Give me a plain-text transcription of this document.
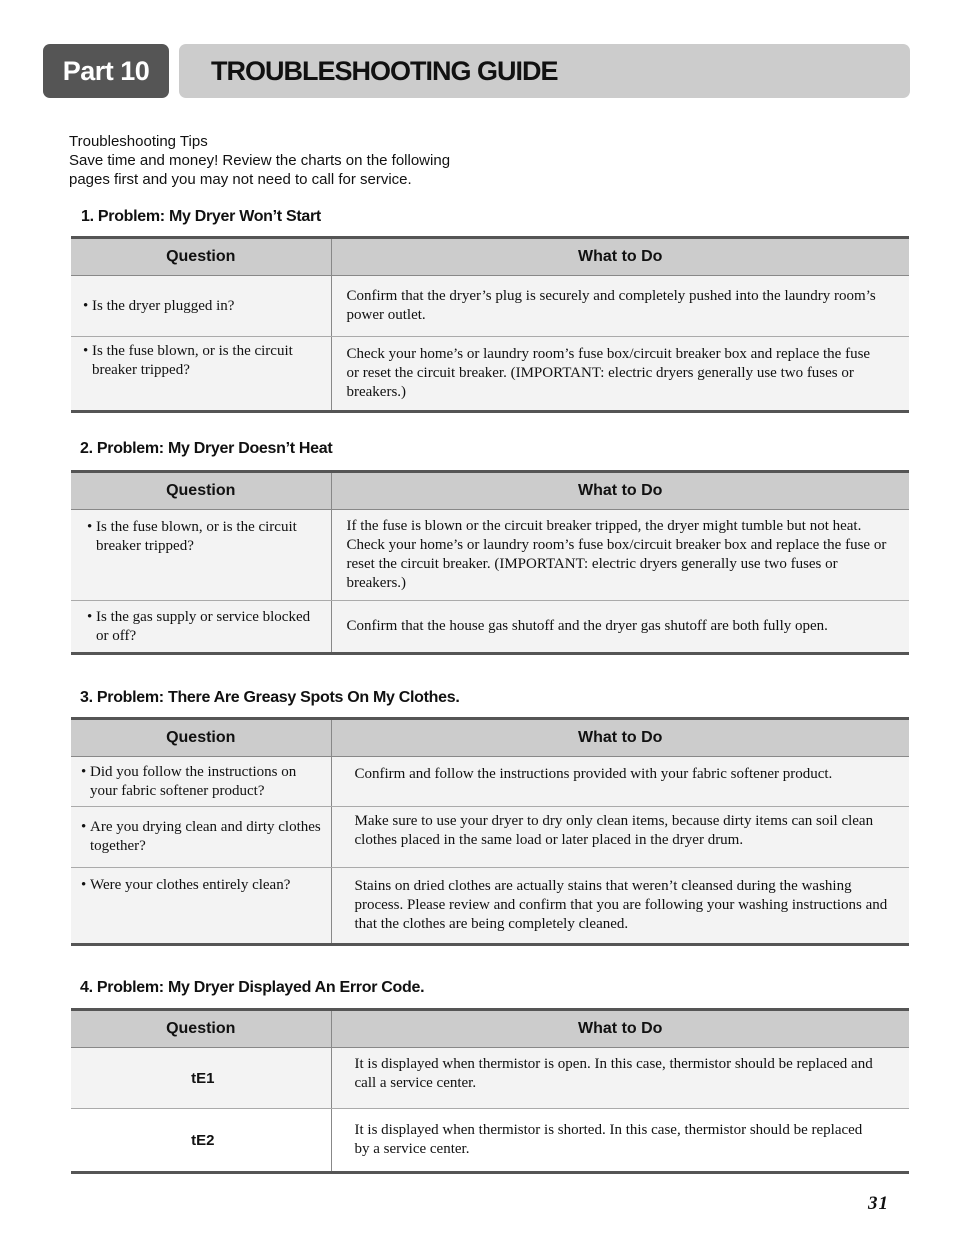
Part 10	TROUBLESHOOTING GUIDE
Troubleshooting Tips
Save time and money! Review the charts on the following
pages first and you may not need to call for service.
1. Problem: My Dryer Won’t Start
Question	What to Do

• Is the dryer plugged in?	Confirm that the dryer’s plug is securely and completely pushed into the laundry room’s power outlet.

• Is the fuse blown, or is the circuit breaker tripped?	Check your home’s or laundry room’s fuse box/circuit breaker box and replace the fuse or reset the circuit breaker. (IMPORTANT: electric dryers generally use two fuses or breakers.)
2. Problem: My Dryer Doesn’t Heat
Question	What to Do

• Is the fuse blown, or is the circuit breaker tripped?	If the fuse is blown or the circuit breaker tripped, the dryer might tumble but not heat. Check your home’s or laundry room’s fuse box/circuit breaker box and replace the fuse or reset the circuit breaker. (IMPORTANT: electric dryers generally use two fuses or breakers.)

• Is the gas supply or service blocked or off?	Confirm that the house gas shutoff and the dryer gas shutoff are both fully open.
3. Problem: There Are Greasy Spots On My Clothes.
Question	What to Do

• Did you follow the instructions on your fabric softener product?	Confirm and follow the instructions provided with your fabric softener product.

• Are you drying clean and dirty clothes together?	Make sure to use your dryer to dry only clean items, because dirty items can soil clean clothes placed in the same load or later placed in the dryer drum.

• Were your clothes entirely clean?	Stains on dried clothes are actually stains that weren’t cleansed during the washing process. Please review and confirm that you are following your washing instructions and that the clothes are being completely cleaned.
4. Problem: My Dryer Displayed An Error Code.
Question	What to Do
tE1	It is displayed when thermistor is open. In this case, thermistor should be replaced and call a service center.
tE2	It is displayed when thermistor is shorted. In this case, thermistor should be replaced by a service center.
31
